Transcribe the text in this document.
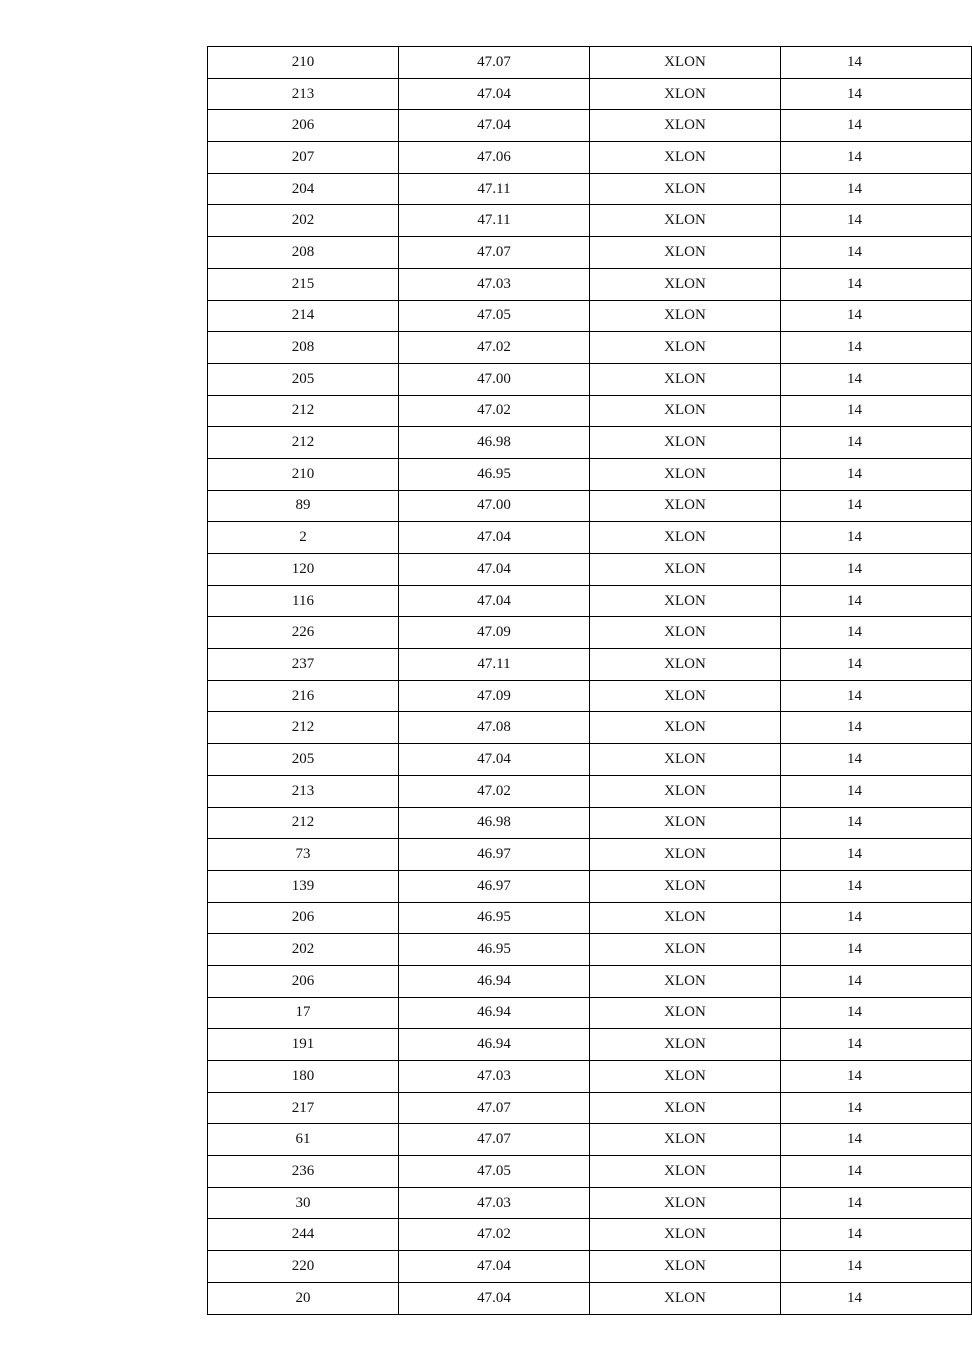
210	47.07	XLON	14
213	47.04	XLON	14
206	47.04	XLON	14
207	47.06	XLON	14
204	47.11	XLON	14
202	47.11	XLON	14
208	47.07	XLON	14
215	47.03	XLON	14
214	47.05	XLON	14
208	47.02	XLON	14
205	47.00	XLON	14
212	47.02	XLON	14
212	46.98	XLON	14
210	46.95	XLON	14
89	47.00	XLON	14
2	47.04	XLON	14
120	47.04	XLON	14
116	47.04	XLON	14
226	47.09	XLON	14
237	47.11	XLON	14
216	47.09	XLON	14
212	47.08	XLON	14
205	47.04	XLON	14
213	47.02	XLON	14
212	46.98	XLON	14
73	46.97	XLON	14
139	46.97	XLON	14
206	46.95	XLON	14
202	46.95	XLON	14
206	46.94	XLON	14
17	46.94	XLON	14
191	46.94	XLON	14
180	47.03	XLON	14
217	47.07	XLON	14
61	47.07	XLON	14
236	47.05	XLON	14
30	47.03	XLON	14
244	47.02	XLON	14
220	47.04	XLON	14
20	47.04	XLON	14
